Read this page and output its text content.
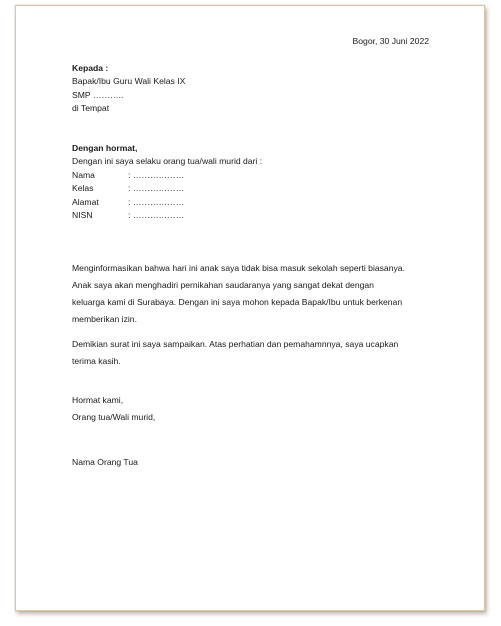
Bogor, 30 Juni 2022
Kepada :
Bapak/Ibu Guru Wali Kelas IX
SMP ………..
di Tempat
Dengan hormat,
Dengan ini saya selaku orang tua/wali murid dari :
Nama	: ………………
Kelas	: ………………
Alamat	: ………………
NISN	: ………………
Menginformasikan bahwa hari ini anak saya tidak bisa masuk sekolah seperti biasanya.
Anak saya akan menghadiri pernikahan saudaranya yang sangat dekat dengan
keluarga kami di Surabaya. Dengan ini saya mohon kepada Bapak/Ibu untuk berkenan
memberikan izin.
Demikian surat ini saya sampaikan. Atas perhatian dan pemahamnnya, saya ucapkan
terima kasih.
Hormat kami,
Orang tua/Wali murid,
Nama Orang Tua
